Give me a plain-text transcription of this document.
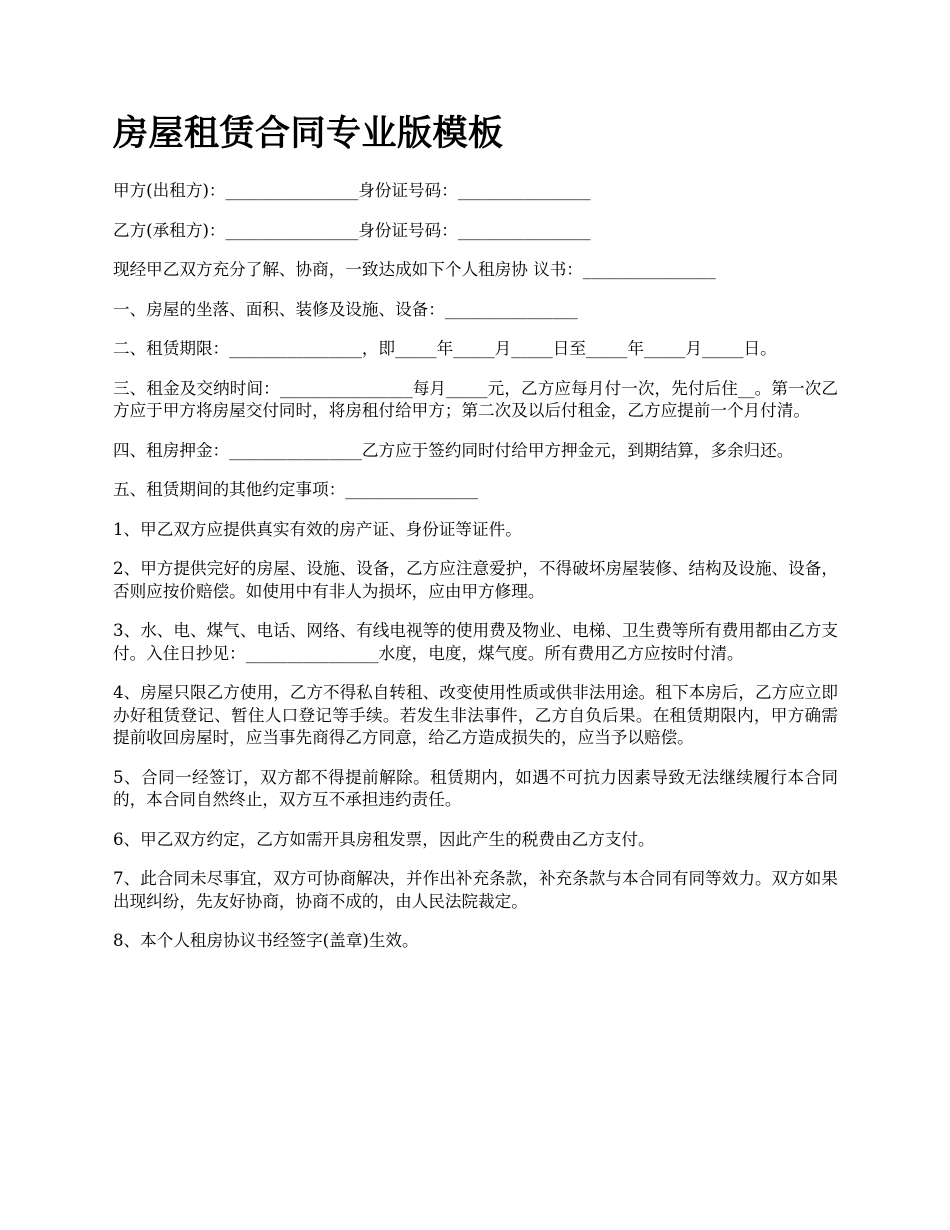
房屋租赁合同专业版模板

甲方(出租方)：________________身份证号码：________________

乙方(承租方)：________________身份证号码：________________

现经甲乙双方充分了解、协商，一致达成如下个人租房协 议书：________________

一、房屋的坐落、面积、装修及设施、设备：________________

二、租赁期限：________________，即_____年_____月_____日至_____年_____月_____日。

三、租金及交纳时间：________________每月_____元，乙方应每月付一次，先付后住__。第一次乙方应于甲方将房屋交付同时，将房租付给甲方；第二次及以后付租金，乙方应提前一个月付清。

四、租房押金：________________乙方应于签约同时付给甲方押金元，到期结算，多余归还。

五、租赁期间的其他约定事项：________________

1、甲乙双方应提供真实有效的房产证、身份证等证件。

2、甲方提供完好的房屋、设施、设备，乙方应注意爱护，不得破坏房屋装修、结构及设施、设备，否则应按价赔偿。如使用中有非人为损坏，应由甲方修理。

3、水、电、煤气、电话、网络、有线电视等的使用费及物业、电梯、卫生费等所有费用都由乙方支付。入住日抄见：________________水度，电度，煤气度。所有费用乙方应按时付清。

4、房屋只限乙方使用，乙方不得私自转租、改变使用性质或供非法用途。租下本房后，乙方应立即办好租赁登记、暂住人口登记等手续。若发生非法事件，乙方自负后果。在租赁期限内，甲方确需提前收回房屋时，应当事先商得乙方同意，给乙方造成损失的，应当予以赔偿。

5、合同一经签订，双方都不得提前解除。租赁期内，如遇不可抗力因素导致无法继续履行本合同的，本合同自然终止，双方互不承担违约责任。

6、甲乙双方约定，乙方如需开具房租发票，因此产生的税费由乙方支付。

7、此合同未尽事宜，双方可协商解决，并作出补充条款，补充条款与本合同有同等效力。双方如果出现纠纷，先友好协商，协商不成的，由人民法院裁定。

8、本个人租房协议书经签字(盖章)生效。
